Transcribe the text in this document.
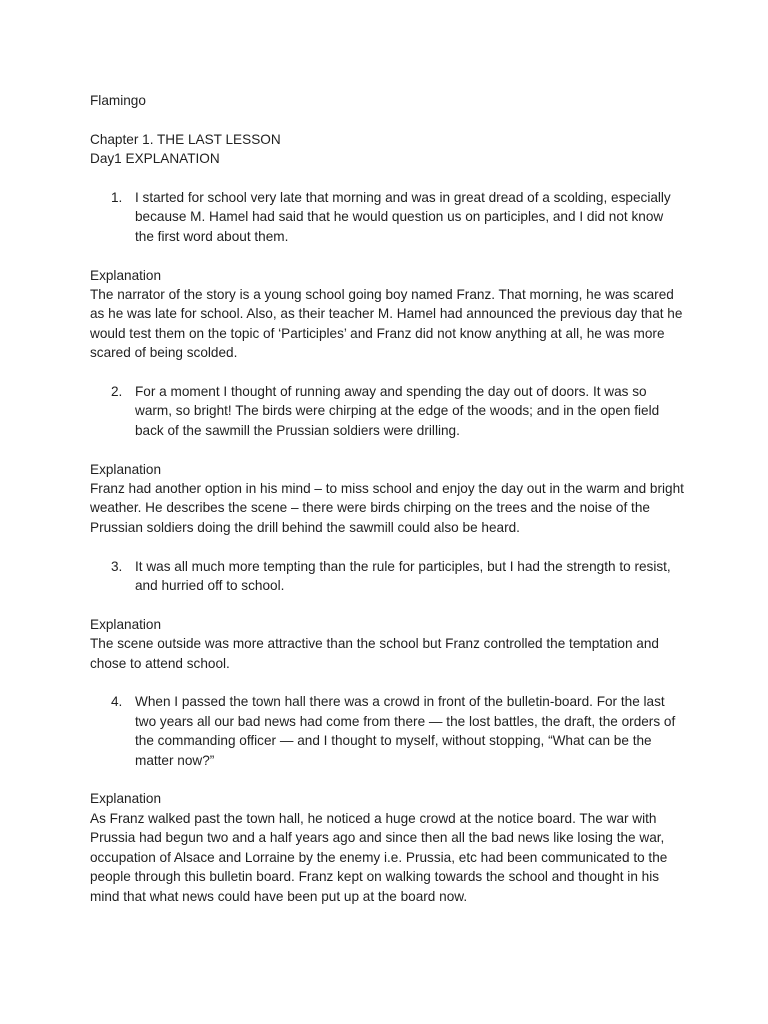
Flamingo

Chapter 1. THE LAST LESSON

Day1 EXPLANATION

1. I started for school very late that morning and was in great dread of a scolding, especially because M. Hamel had said that he would question us on participles, and I did not know the first word about them.

Explanation

The narrator of the story is a young school going boy named Franz. That morning, he was scared as he was late for school. Also, as their teacher M. Hamel had announced the previous day that he would test them on the topic of ‘Participles’ and Franz did not know anything at all, he was more scared of being scolded.

2. For a moment I thought of running away and spending the day out of doors. It was so warm, so bright! The birds were chirping at the edge of the woods; and in the open field back of the sawmill the Prussian soldiers were drilling.

Explanation

Franz had another option in his mind – to miss school and enjoy the day out in the warm and bright weather. He describes the scene – there were birds chirping on the trees and the noise of the Prussian soldiers doing the drill behind the sawmill could also be heard.

3. It was all much more tempting than the rule for participles, but I had the strength to resist, and hurried off to school.

Explanation

The scene outside was more attractive than the school but Franz controlled the temptation and chose to attend school.

4. When I passed the town hall there was a crowd in front of the bulletin-board. For the last two years all our bad news had come from there — the lost battles, the draft, the orders of the commanding officer — and I thought to myself, without stopping, “What can be the matter now?”

Explanation

As Franz walked past the town hall, he noticed a huge crowd at the notice board. The war with Prussia had begun two and a half years ago and since then all the bad news like losing the war, occupation of Alsace and Lorraine by the enemy i.e. Prussia, etc had been communicated to the people through this bulletin board. Franz kept on walking towards the school and thought in his mind that what news could have been put up at the board now.
